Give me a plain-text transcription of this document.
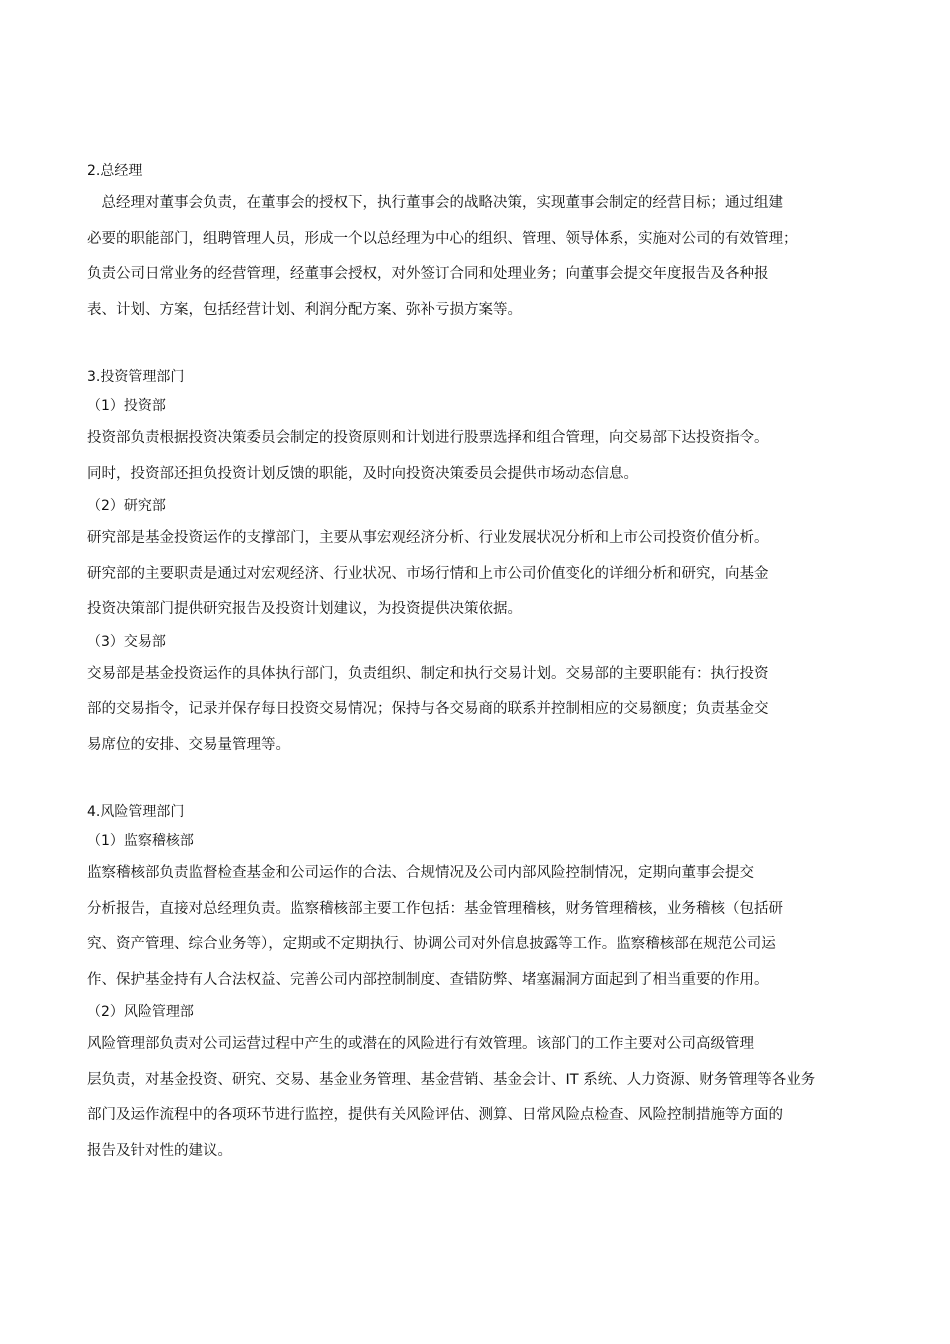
2.总经理
　总经理对董事会负责，在董事会的授权下，执行董事会的战略决策，实现董事会制定的经营目标；通过组建
必要的职能部门，组聘管理人员，形成一个以总经理为中心的组织、管理、领导体系，实施对公司的有效管理；
负责公司日常业务的经营管理，经董事会授权，对外签订合同和处理业务；向董事会提交年度报告及各种报
表、计划、方案，包括经营计划、利润分配方案、弥补亏损方案等。
3.投资管理部门
（1）投资部
投资部负责根据投资决策委员会制定的投资原则和计划进行股票选择和组合管理，向交易部下达投资指令。
同时，投资部还担负投资计划反馈的职能，及时向投资决策委员会提供市场动态信息。
（2）研究部
研究部是基金投资运作的支撑部门，主要从事宏观经济分析、行业发展状况分析和上市公司投资价值分析。
研究部的主要职责是通过对宏观经济、行业状况、市场行情和上市公司价值变化的详细分析和研究，向基金
投资决策部门提供研究报告及投资计划建议，为投资提供决策依据。
（3）交易部
交易部是基金投资运作的具体执行部门，负责组织、制定和执行交易计划。交易部的主要职能有：执行投资
部的交易指令，记录并保存每日投资交易情况；保持与各交易商的联系并控制相应的交易额度；负责基金交
易席位的安排、交易量管理等。
4.风险管理部门
（1）监察稽核部
监察稽核部负责监督检查基金和公司运作的合法、合规情况及公司内部风险控制情况，定期向董事会提交
分析报告，直接对总经理负责。监察稽核部主要工作包括：基金管理稽核，财务管理稽核，业务稽核（包括研
究、资产管理、综合业务等），定期或不定期执行、协调公司对外信息披露等工作。监察稽核部在规范公司运
作、保护基金持有人合法权益、完善公司内部控制制度、查错防弊、堵塞漏洞方面起到了相当重要的作用。
（2）风险管理部
风险管理部负责对公司运营过程中产生的或潜在的风险进行有效管理。该部门的工作主要对公司高级管理
层负责，对基金投资、研究、交易、基金业务管理、基金营销、基金会计、IT 系统、人力资源、财务管理等各业务
部门及运作流程中的各项环节进行监控，提供有关风险评估、测算、日常风险点检查、风险控制措施等方面的
报告及针对性的建议。
